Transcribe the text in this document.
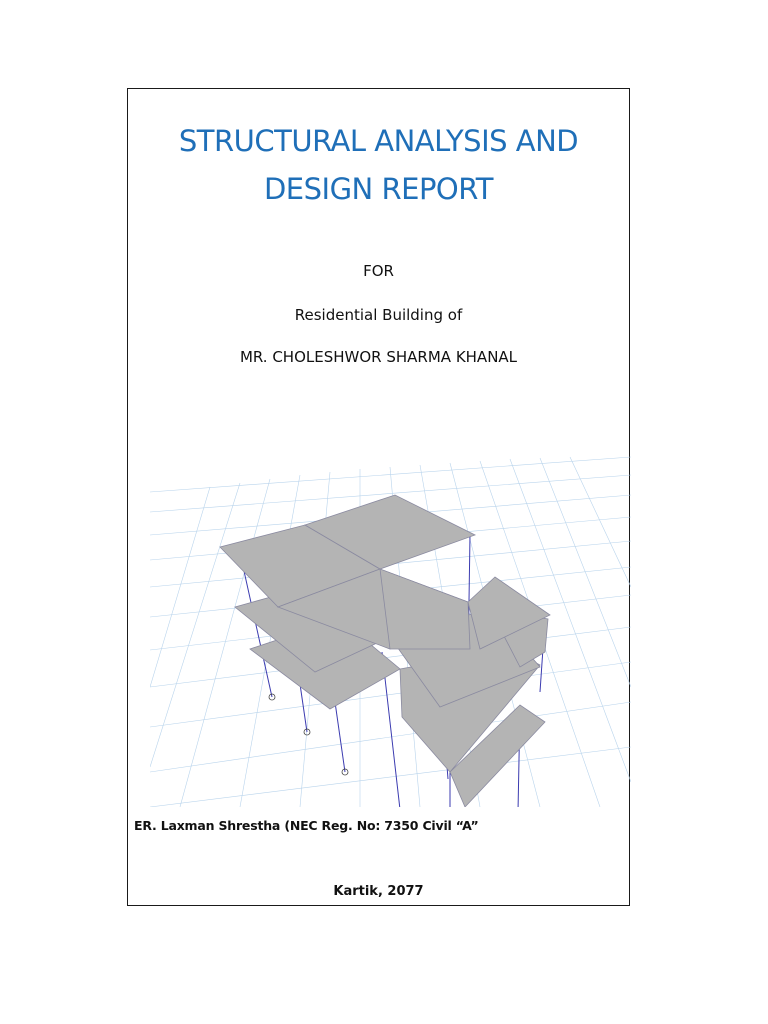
STRUCTURAL ANALYSIS AND
DESIGN REPORT
FOR
Residential Building of
MR. CHOLESHWOR SHARMA KHANAL
ER. Laxman Shrestha (NEC Reg. No: 7350 Civil “A”
Kartik, 2077
